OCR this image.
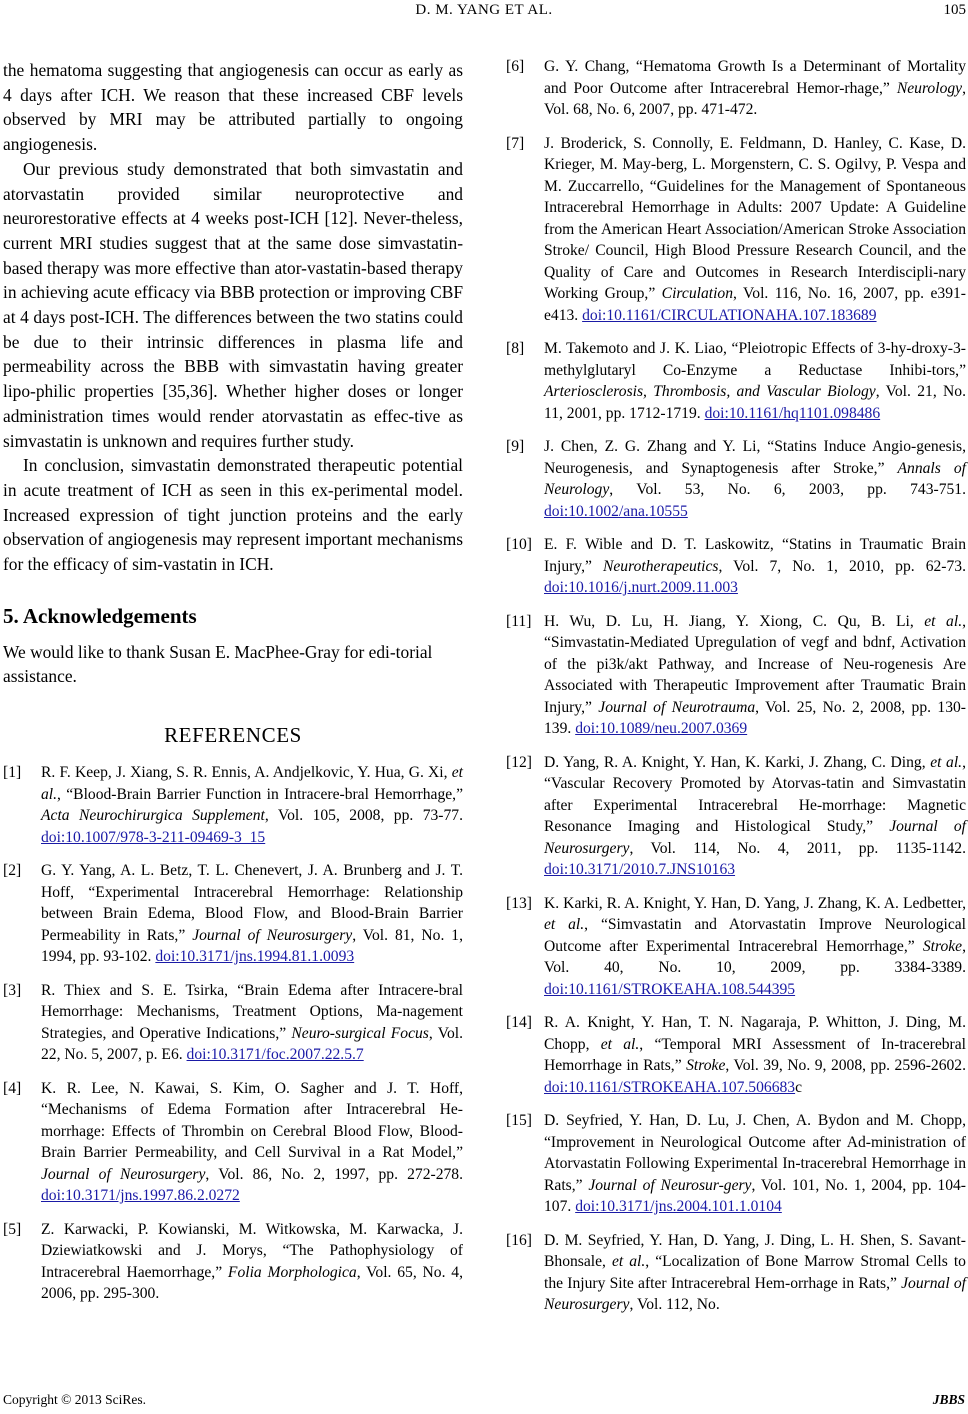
D. M. YANG ET AL.	105

the hematoma suggesting that angiogenesis can occur as early as 4 days after ICH. We reason that these increased CBF levels observed by MRI may be attributed partially to ongoing angiogenesis.

Our previous study demonstrated that both simvastatin and atorvastatin provided similar neuroprotective and neurorestorative effects at 4 weeks post-ICH [12]. Never-theless, current MRI studies suggest that at the same dose simvastatin-based therapy was more effective than ator-vastatin-based therapy in achieving acute efficacy via BBB protection or improving CBF at 4 days post-ICH. The differences between the two statins could be due to their intrinsic differences in plasma life and permeability across the BBB with simvastatin having greater lipo-philic properties [35,36]. Whether higher doses or longer administration times would render atorvastatin as effec-tive as simvastatin is unknown and requires further study.

In conclusion, simvastatin demonstrated therapeutic potential in acute treatment of ICH as seen in this ex-perimental model. Increased expression of tight junction proteins and the early observation of angiogenesis may represent important mechanisms for the efficacy of sim-vastatin in ICH.

5. Acknowledgements

We would like to thank Susan E. MacPhee-Gray for edi-torial assistance.

REFERENCES
[1]	R. F. Keep, J. Xiang, S. R. Ennis, A. Andjelkovic, Y. Hua, G. Xi, et al., “Blood-Brain Barrier Function in Intracere-bral Hemorrhage,” Acta Neurochirurgica Supplement, Vol. 105, 2008, pp. 73-77. doi:10.1007/978-3-211-09469-3_15
[2]	G. Y. Yang, A. L. Betz, T. L. Chenevert, J. A. Brunberg and J. T. Hoff, “Experimental Intracerebral Hemorrhage: Relationship between Brain Edema, Blood Flow, and Blood-Brain Barrier Permeability in Rats,” Journal of Neurosurgery, Vol. 81, No. 1, 1994, pp. 93-102. doi:10.3171/jns.1994.81.1.0093
[3]	R. Thiex and S. E. Tsirka, “Brain Edema after Intracere-bral Hemorrhage: Mechanisms, Treatment Options, Ma-nagement Strategies, and Operative Indications,” Neuro-surgical Focus, Vol. 22, No. 5, 2007, p. E6. doi:10.3171/foc.2007.22.5.7
[4]	K. R. Lee, N. Kawai, S. Kim, O. Sagher and J. T. Hoff, “Mechanisms of Edema Formation after Intracerebral He-morrhage: Effects of Thrombin on Cerebral Blood Flow, Blood-Brain Barrier Permeability, and Cell Survival in a Rat Model,” Journal of Neurosurgery, Vol. 86, No. 2, 1997, pp. 272-278. doi:10.3171/jns.1997.86.2.0272
[5]	Z. Karwacki, P. Kowianski, M. Witkowska, M. Karwacka, J. Dziewiatkowski and J. Morys, “The Pathophysiology of Intracerebral Haemorrhage,” Folia Morphologica, Vol. 65, No. 4, 2006, pp. 295-300.
[6]	G. Y. Chang, “Hematoma Growth Is a Determinant of Mortality and Poor Outcome after Intracerebral Hemor-rhage,” Neurology, Vol. 68, No. 6, 2007, pp. 471-472.
[7]	J. Broderick, S. Connolly, E. Feldmann, D. Hanley, C. Kase, D. Krieger, M. May-berg, L. Morgenstern, C. S. Ogilvy, P. Vespa and M. Zuccarrello, “Guidelines for the Management of Spontaneous Intracerebral Hemorrhage in Adults: 2007 Update: A Guideline from the American Heart Association/American Stroke Association Stroke/ Council, High Blood Pressure Research Council, and the Quality of Care and Outcomes in Research Interdiscipli-nary Working Group,” Circulation, Vol. 116, No. 16, 2007, pp. e391-e413. doi:10.1161/CIRCULATIONAHA.107.183689
[8]	M. Takemoto and J. K. Liao, “Pleiotropic Effects of 3-hy-droxy-3-methylglutaryl Co-Enzyme a Reductase Inhibi-tors,” Arteriosclerosis, Thrombosis, and Vascular Biology, Vol. 21, No. 11, 2001, pp. 1712-1719. doi:10.1161/hq1101.098486
[9]	J. Chen, Z. G. Zhang and Y. Li, “Statins Induce Angio-genesis, Neurogenesis, and Synaptogenesis after Stroke,” Annals of Neurology, Vol. 53, No. 6, 2003, pp. 743-751. doi:10.1002/ana.10555
[10] E. F. Wible and D. T. Laskowitz, “Statins in Traumatic Brain Injury,” Neurotherapeutics, Vol. 7, No. 1, 2010, pp. 62-73. doi:10.1016/j.nurt.2009.11.003
[11] H. Wu, D. Lu, H. Jiang, Y. Xiong, C. Qu, B. Li, et al., “Simvastatin-Mediated Upregulation of vegf and bdnf, Activation of the pi3k/akt Pathway, and Increase of Neu-rogenesis Are Associated with Therapeutic Improvement after Traumatic Brain Injury,” Journal of Neurotrauma, Vol. 25, No. 2, 2008, pp. 130-139. doi:10.1089/neu.2007.0369
[12] D. Yang, R. A. Knight, Y. Han, K. Karki, J. Zhang, C. Ding, et al., “Vascular Recovery Promoted by Atorvas-tatin and Simvastatin after Experimental Intracerebral He-morrhage: Magnetic Resonance Imaging and Histological Study,” Journal of Neurosurgery, Vol. 114, No. 4, 2011, pp. 1135-1142. doi:10.3171/2010.7.JNS10163
[13] K. Karki, R. A. Knight, Y. Han, D. Yang, J. Zhang, K. A. Ledbetter, et al., “Simvastatin and Atorvastatin Improve Neurological Outcome after Experimental Intracerebral Hemorrhage,” Stroke, Vol. 40, No. 10, 2009, pp. 3384-3389. doi:10.1161/STROKEAHA.108.544395
[14] R. A. Knight, Y. Han, T. N. Nagaraja, P. Whitton, J. Ding, M. Chopp, et al., “Temporal MRI Assessment of In-tracerebral Hemorrhage in Rats,” Stroke, Vol. 39, No. 9, 2008, pp. 2596-2602. doi:10.1161/STROKEAHA.107.506683c
[15] D. Seyfried, Y. Han, D. Lu, J. Chen, A. Bydon and M. Chopp, “Improvement in Neurological Outcome after Ad-ministration of Atorvastatin Following Experimental In-tracerebral Hemorrhage in Rats,” Journal of Neurosur-gery, Vol. 101, No. 1, 2004, pp. 104-107. doi:10.3171/jns.2004.101.1.0104
[16] D. M. Seyfried, Y. Han, D. Yang, J. Ding, L. H. Shen, S. Savant-Bhonsale, et al., “Localization of Bone Marrow Stromal Cells to the Injury Site after Intracerebral Hem-orrhage in Rats,” Journal of Neurosurgery, Vol. 112, No.
Copyright © 2013 SciRes.	JBBS
